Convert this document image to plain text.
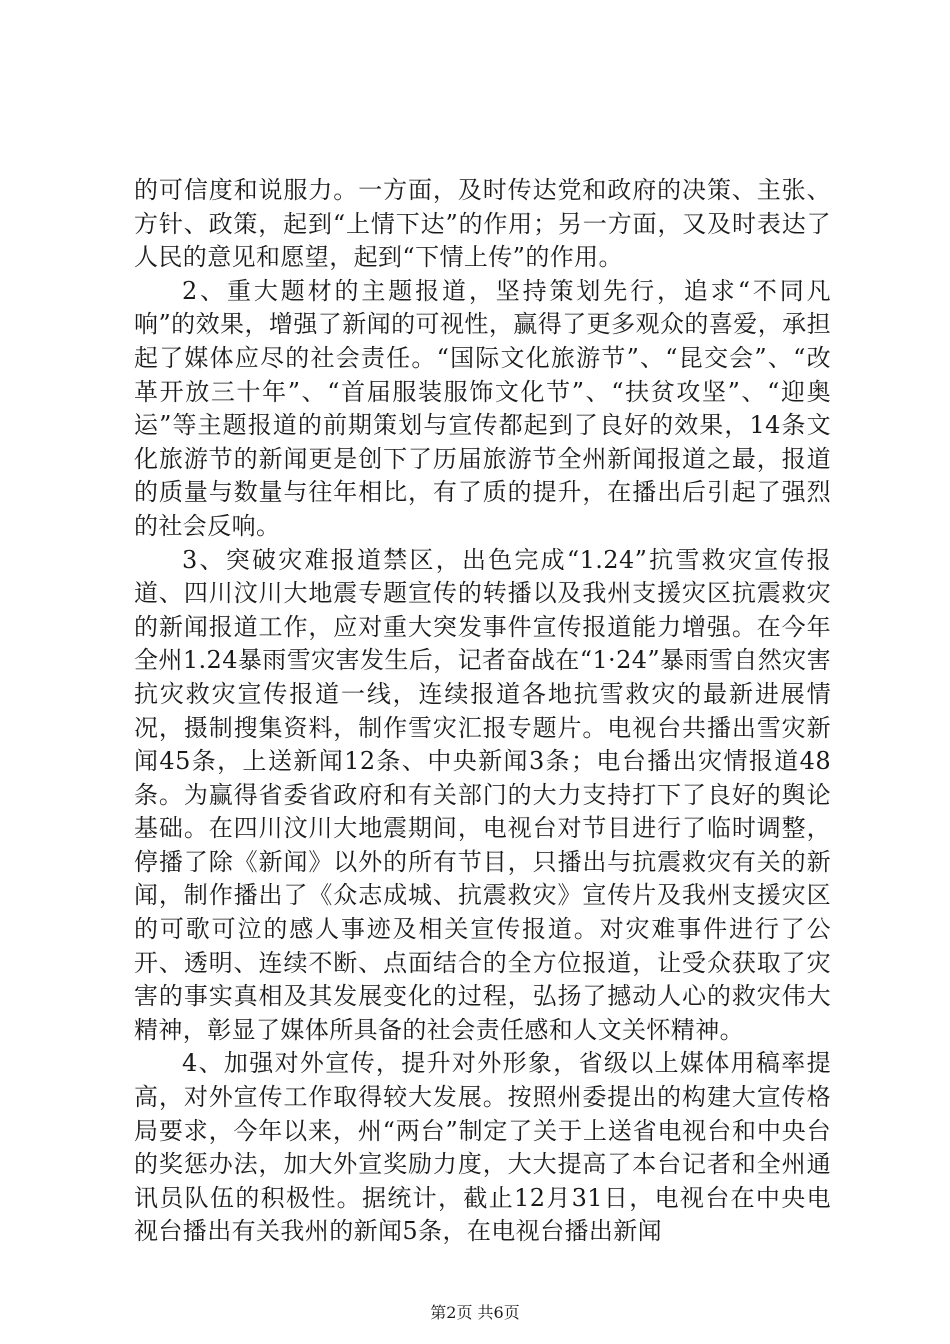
的可信度和说服力。一方面，及时传达党和政府的决策、主张、方针、政策，起到“上情下达”的作用；另一方面，又及时表达了人民的意见和愿望，起到“下情上传”的作用。

2、重大题材的主题报道，坚持策划先行，追求“不同凡响”的效果，增强了新闻的可视性，赢得了更多观众的喜爱，承担起了媒体应尽的社会责任。“国际文化旅游节”、“昆交会”、“改革开放三十年”、“首届服装服饰文化节”、“扶贫攻坚”、“迎奥运”等主题报道的前期策划与宣传都起到了良好的效果，14条文化旅游节的新闻更是创下了历届旅游节全州新闻报道之最，报道的质量与数量与往年相比，有了质的提升，在播出后引起了强烈的社会反响。

3、突破灾难报道禁区，出色完成“1.24”抗雪救灾宣传报道、四川汶川大地震专题宣传的转播以及我州支援灾区抗震救灾的新闻报道工作，应对重大突发事件宣传报道能力增强。在今年全州1.24暴雨雪灾害发生后，记者奋战在“1·24”暴雨雪自然灾害抗灾救灾宣传报道一线，连续报道各地抗雪救灾的最新进展情况，摄制搜集资料，制作雪灾汇报专题片。电视台共播出雪灾新闻45条，上送新闻12条、中央新闻3条；电台播出灾情报道48条。为赢得省委省政府和有关部门的大力支持打下了良好的舆论基础。在四川汶川大地震期间，电视台对节目进行了临时调整，停播了除《新闻》以外的所有节目，只播出与抗震救灾有关的新闻，制作播出了《众志成城、抗震救灾》宣传片及我州支援灾区的可歌可泣的感人事迹及相关宣传报道。对灾难事件进行了公开、透明、连续不断、点面结合的全方位报道，让受众获取了灾害的事实真相及其发展变化的过程，弘扬了撼动人心的救灾伟大精神，彰显了媒体所具备的社会责任感和人文关怀精神。

4、加强对外宣传，提升对外形象，省级以上媒体用稿率提高，对外宣传工作取得较大发展。按照州委提出的构建大宣传格局要求，今年以来，州“两台”制定了关于上送省电视台和中央台的奖惩办法，加大外宣奖励力度，大大提高了本台记者和全州通讯员队伍的积极性。据统计，截止12月31日，电视台在中央电视台播出有关我州的新闻5条，在电视台播出新闻

第2页 共6页
